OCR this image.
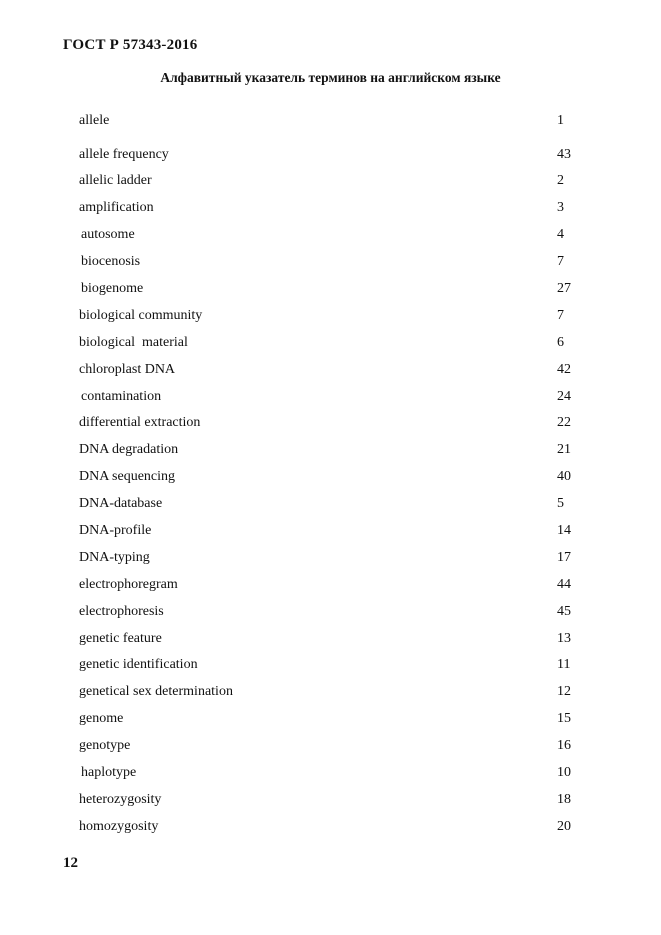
ГОСТ Р 57343-2016
Алфавитный указатель терминов на английском языке
allele	1
allele frequency	43
allelic ladder	2
amplification	3
autosome	4
biocenosis	7
biogenome	27
biological community	7
biological  material	6
chloroplast DNA	42
contamination	24
differential extraction	22
DNA degradation	21
DNA sequencing	40
DNA-database	5
DNA-profile	14
DNA-typing	17
electrophoregram	44
electrophoresis	45
genetic feature	13
genetic identification	11
genetical sex determination	12
genome	15
genotype	16
haplotype	10
heterozygosity	18
homozygosity	20
12
